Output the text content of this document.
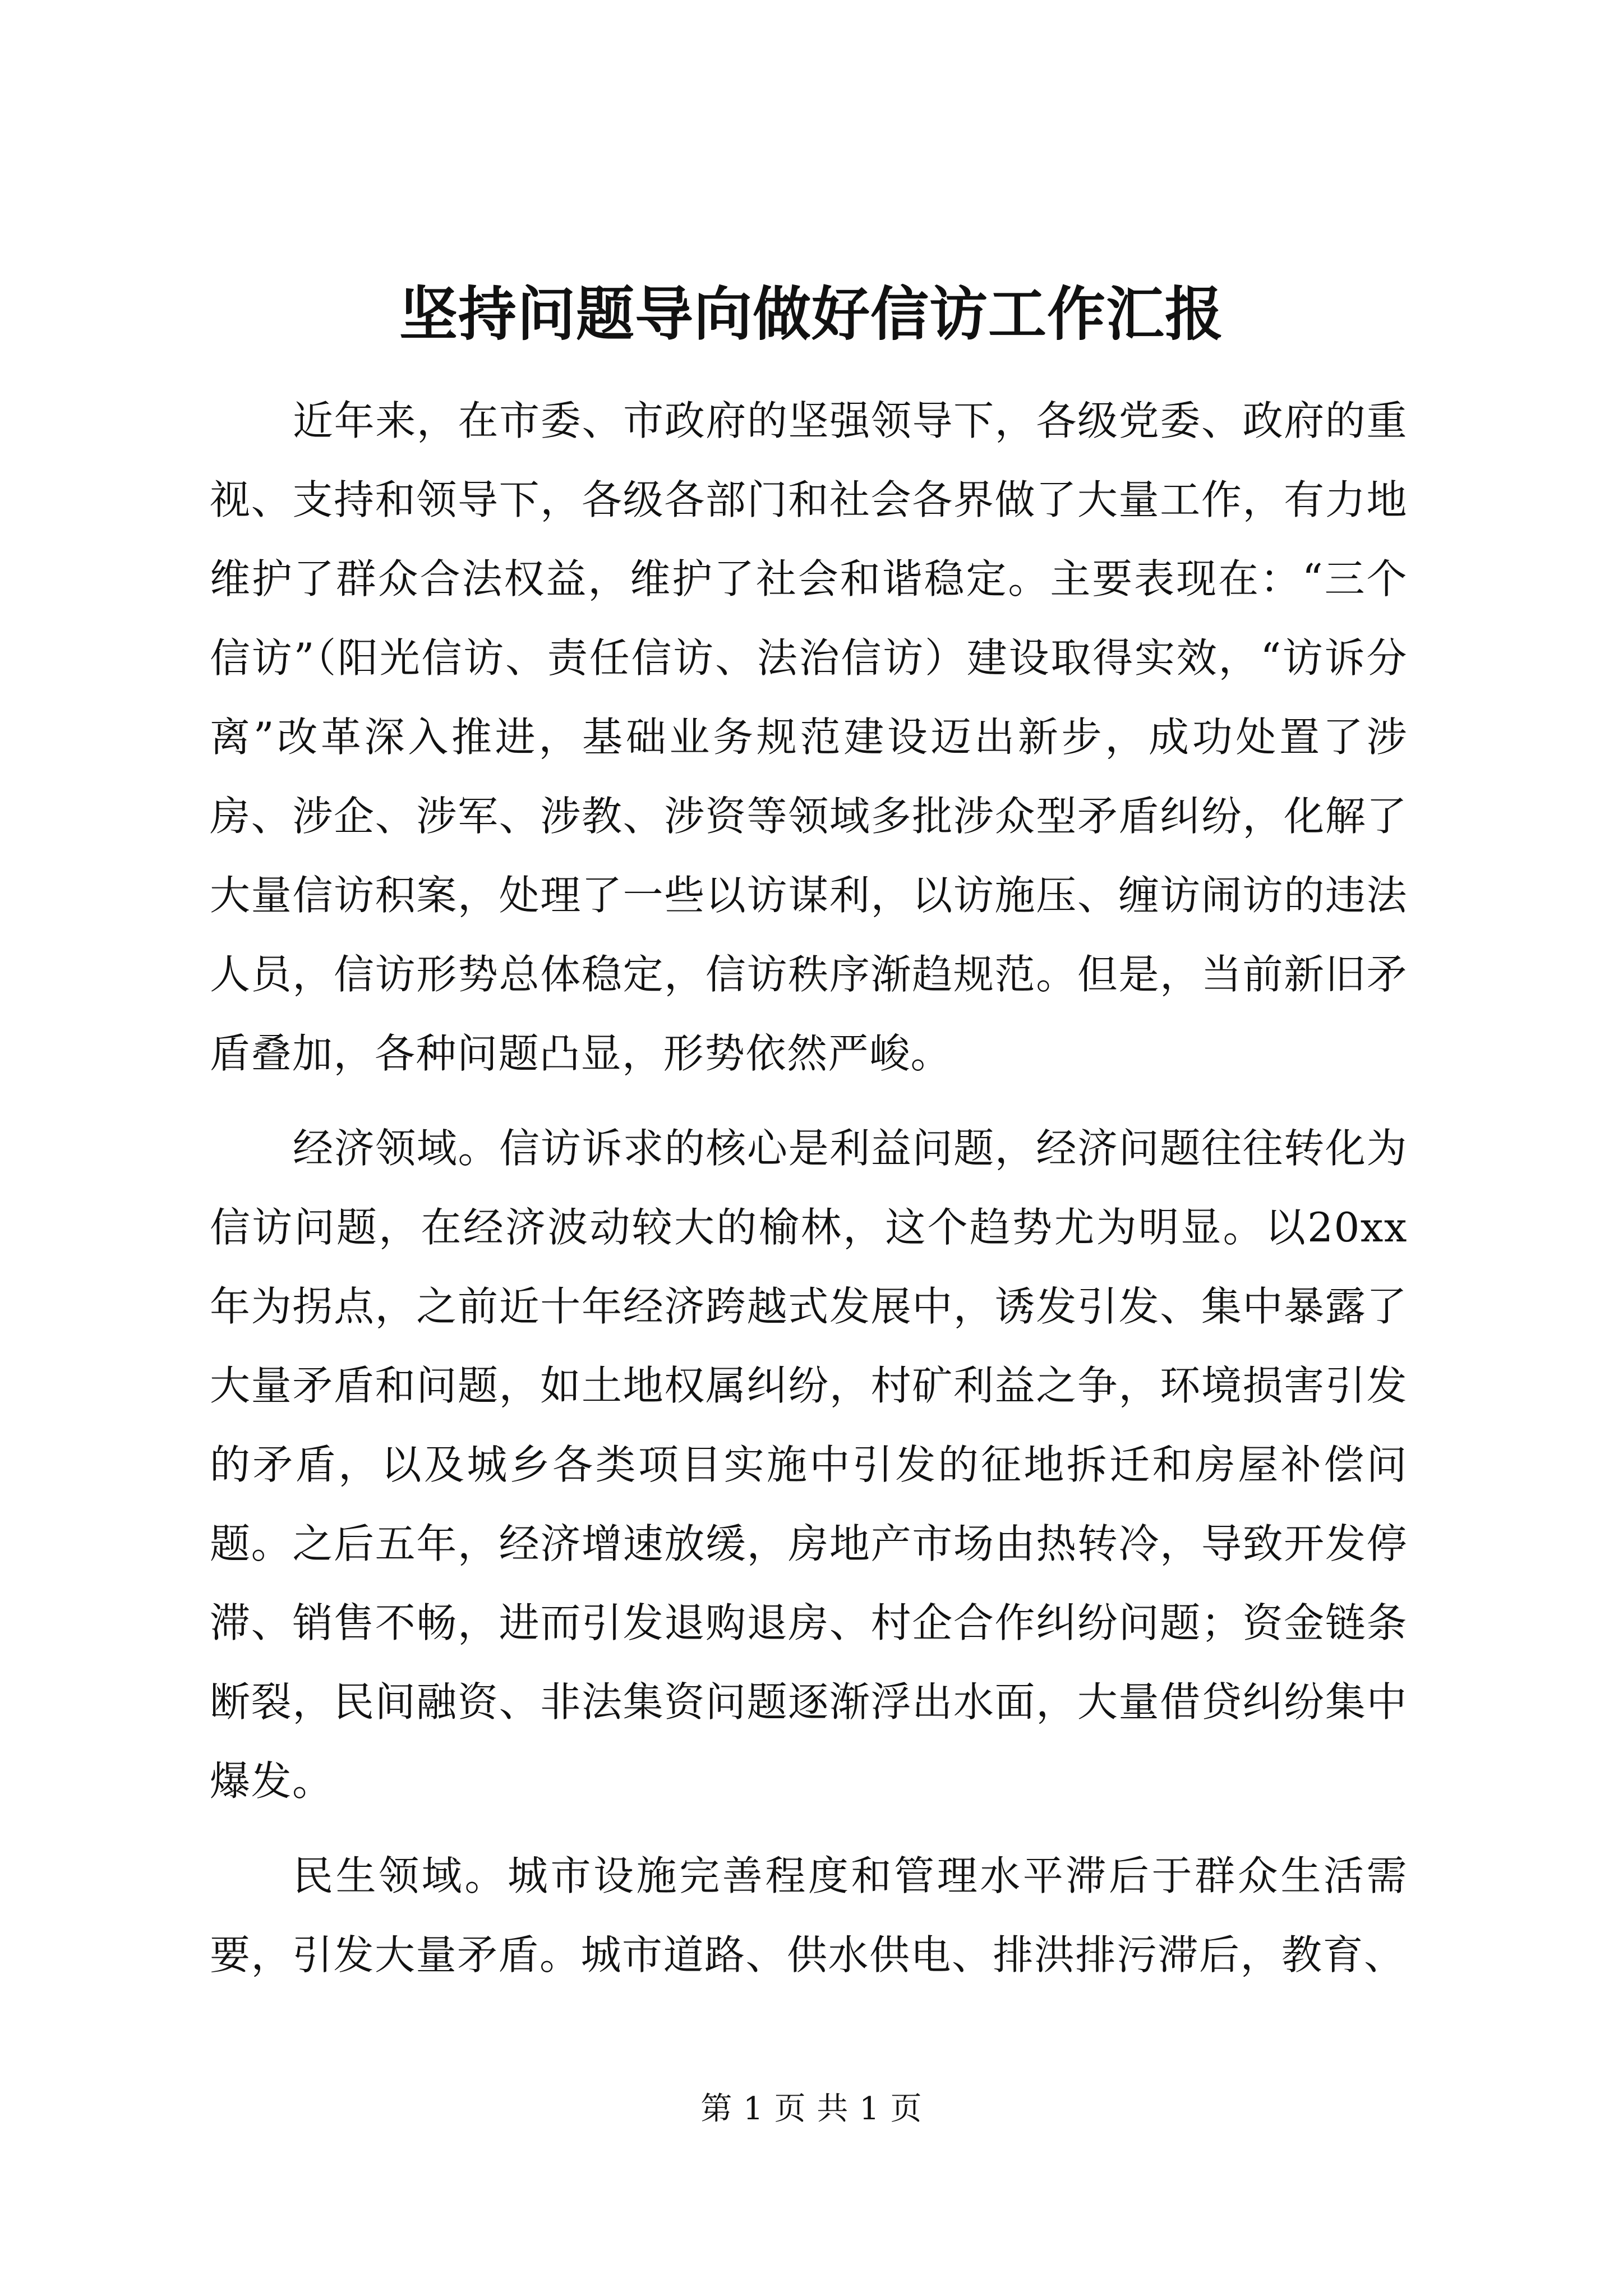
坚持问题导向做好信访工作汇报

近年来，在市委、市政府的坚强领导下，各级党委、政府的重视、支持和领导下，各级各部门和社会各界做了大量工作，有力地维护了群众合法权益，维护了社会和谐稳定。主要表现在：“三个信访”（阳光信访、责任信访、法治信访）建设取得实效，“访诉分离”改革深入推进，基础业务规范建设迈出新步，成功处置了涉房、涉企、涉军、涉教、涉资等领域多批涉众型矛盾纠纷，化解了大量信访积案，处理了一些以访谋利，以访施压、缠访闹访的违法人员，信访形势总体稳定，信访秩序渐趋规范。但是，当前新旧矛盾叠加，各种问题凸显，形势依然严峻。

经济领域。信访诉求的核心是利益问题，经济问题往往转化为信访问题，在经济波动较大的榆林，这个趋势尤为明显。以20xx年为拐点，之前近十年经济跨越式发展中，诱发引发、集中暴露了大量矛盾和问题，如土地权属纠纷，村矿利益之争，环境损害引发的矛盾，以及城乡各类项目实施中引发的征地拆迁和房屋补偿问题。之后五年，经济增速放缓，房地产市场由热转冷，导致开发停滞、销售不畅，进而引发退购退房、村企合作纠纷问题；资金链条断裂，民间融资、非法集资问题逐渐浮出水面，大量借贷纠纷集中爆发。

民生领域。城市设施完善程度和管理水平滞后于群众生活需要，引发大量矛盾。城市道路、供水供电、排洪排污滞后，教育、

第 1 页 共 1 页
